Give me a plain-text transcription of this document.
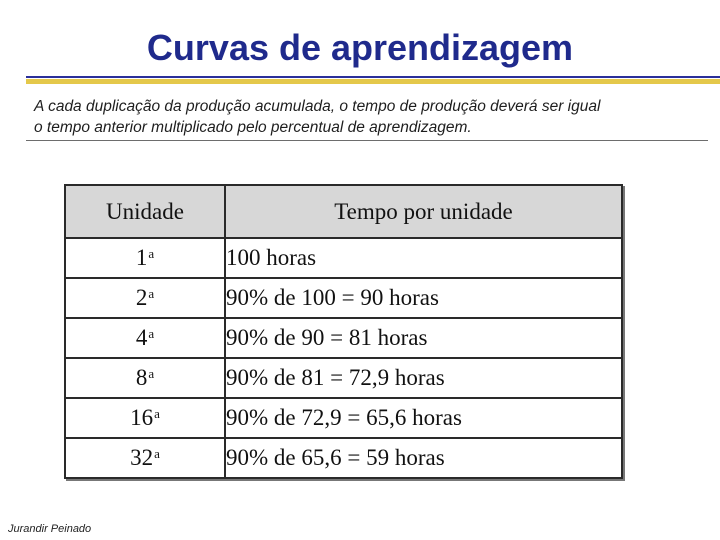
Curvas de aprendizagem
A cada duplicação da produção acumulada, o tempo de produção deverá ser igual
o tempo anterior multiplicado pelo percentual de aprendizagem.
Unidade	Tempo por unidade
1$^a$	100 horas
2$^a$	90% de 100 = 90 horas
4$^a$	90% de 90 = 81 horas
8$^a$	90% de 81 = 72,9 horas
16$^a$	90% de 72,9 = 65,6 horas
32$^a$	90% de 65,6 = 59 horas
Jurandir Peinado
